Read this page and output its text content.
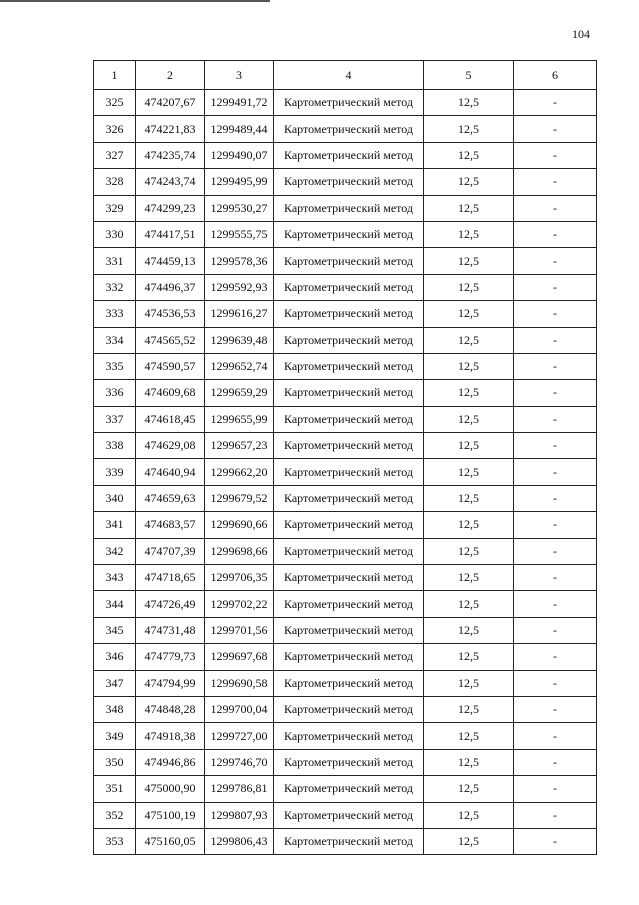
104
1	2	3	4	5	6
325	474207,67	1299491,72	Картометрический метод	12,5	-
326	474221,83	1299489,44	Картометрический метод	12,5	-
327	474235,74	1299490,07	Картометрический метод	12,5	-
328	474243,74	1299495,99	Картометрический метод	12,5	-
329	474299,23	1299530,27	Картометрический метод	12,5	-
330	474417,51	1299555,75	Картометрический метод	12,5	-
331	474459,13	1299578,36	Картометрический метод	12,5	-
332	474496,37	1299592,93	Картометрический метод	12,5	-
333	474536,53	1299616,27	Картометрический метод	12,5	-
334	474565,52	1299639,48	Картометрический метод	12,5	-
335	474590,57	1299652,74	Картометрический метод	12,5	-
336	474609,68	1299659,29	Картометрический метод	12,5	-
337	474618,45	1299655,99	Картометрический метод	12,5	-
338	474629,08	1299657,23	Картометрический метод	12,5	-
339	474640,94	1299662,20	Картометрический метод	12,5	-
340	474659,63	1299679,52	Картометрический метод	12,5	-
341	474683,57	1299690,66	Картометрический метод	12,5	-
342	474707,39	1299698,66	Картометрический метод	12,5	-
343	474718,65	1299706,35	Картометрический метод	12,5	-
344	474726,49	1299702,22	Картометрический метод	12,5	-
345	474731,48	1299701,56	Картометрический метод	12,5	-
346	474779,73	1299697,68	Картометрический метод	12,5	-
347	474794,99	1299690,58	Картометрический метод	12,5	-
348	474848,28	1299700,04	Картометрический метод	12,5	-
349	474918,38	1299727,00	Картометрический метод	12,5	-
350	474946,86	1299746,70	Картометрический метод	12,5	-
351	475000,90	1299786,81	Картометрический метод	12,5	-
352	475100,19	1299807,93	Картометрический метод	12,5	-
353	475160,05	1299806,43	Картометрический метод	12,5	-
